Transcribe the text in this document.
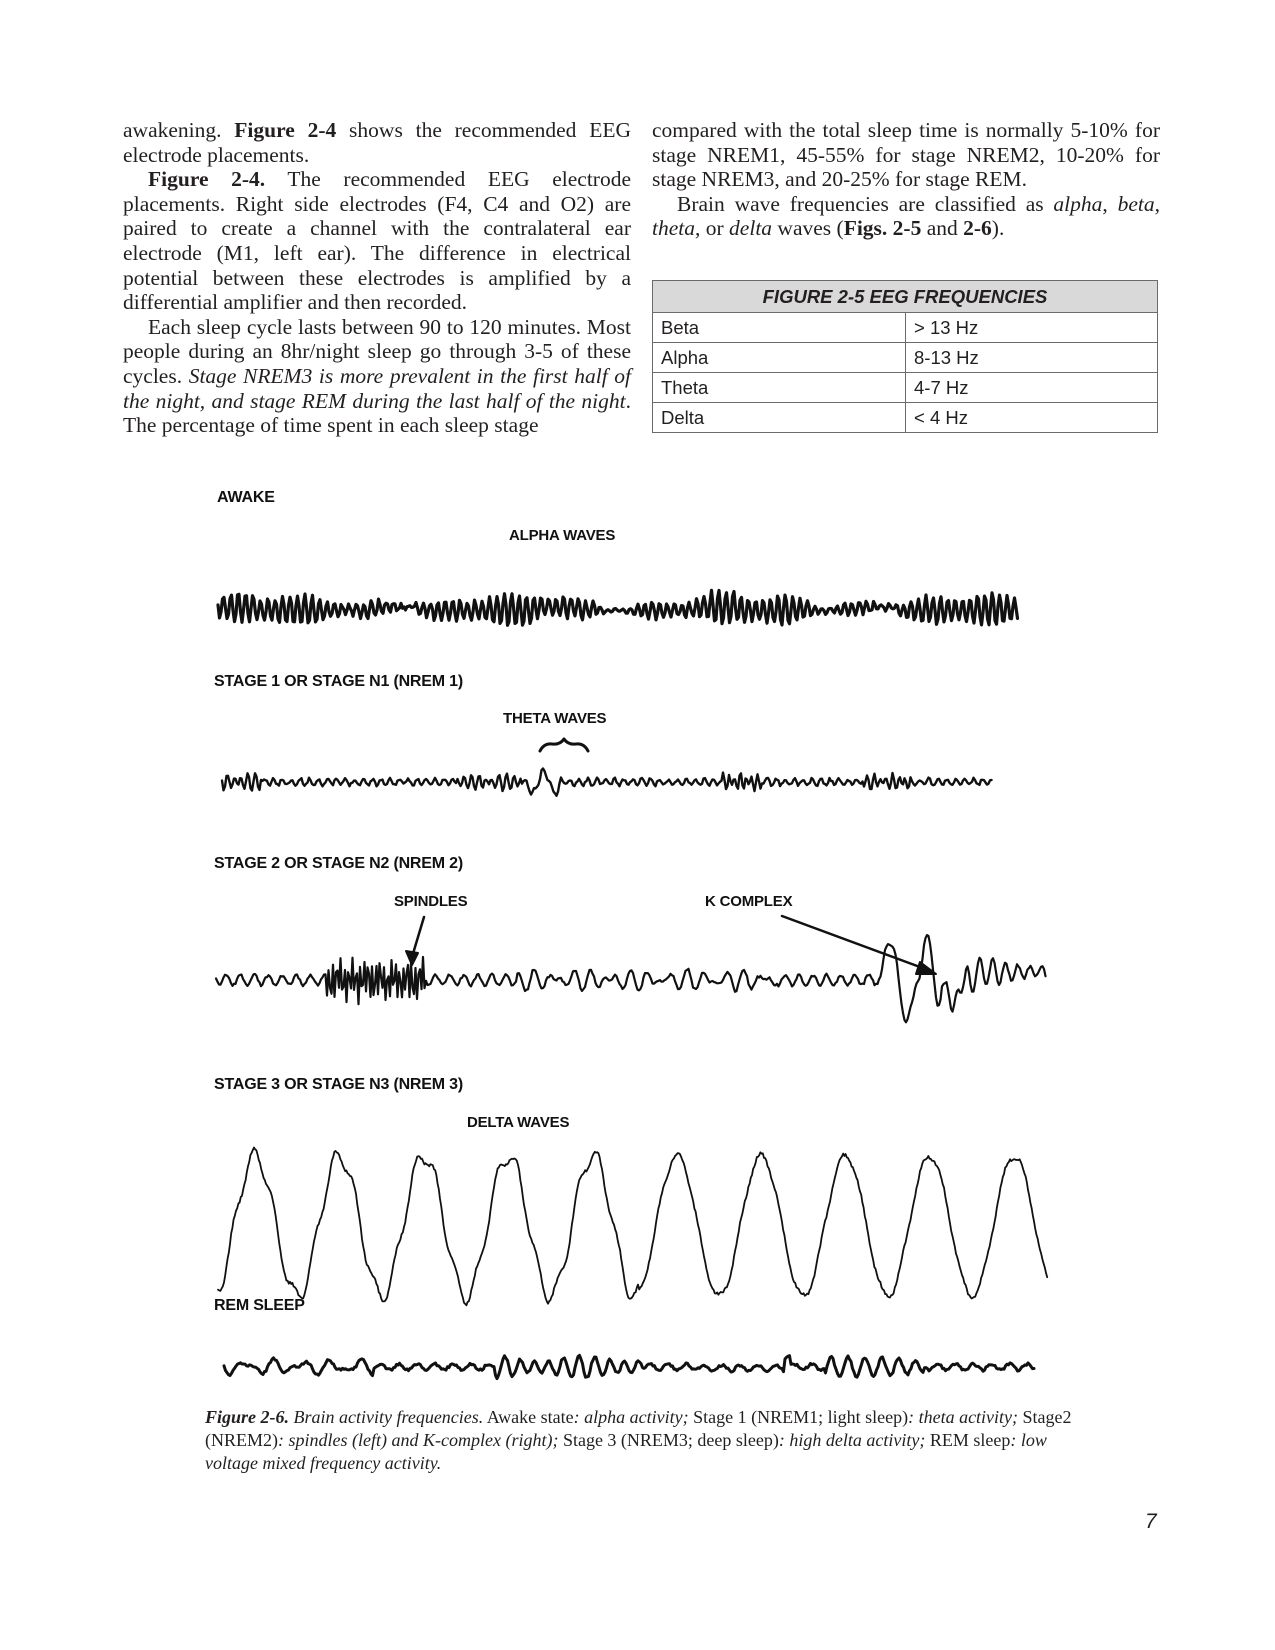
awakening. Figure 2-4 shows the recommended EEG electrode placements.

Figure 2-4. The recommended EEG electrode placements. Right side electrodes (F4, C4 and O2) are paired to create a channel with the contralateral ear electrode (M1, left ear). The difference in electrical potential between these electrodes is amplified by a differential amplifier and then recorded.

Each sleep cycle lasts between 90 to 120 minutes. Most people during an 8hr/night sleep go through 3-5 of these cycles. Stage NREM3 is more prevalent in the first half of the night, and stage REM during the last half of the night. The percentage of time spent in each sleep stage

compared with the total sleep time is normally 5-10% for stage NREM1, 45-55% for stage NREM2, 10-20% for stage NREM3, and 20-25% for stage REM.

Brain wave frequencies are classified as alpha, beta, theta, or delta waves (Figs. 2-5 and 2-6).

FIGURE 2-5 EEG FREQUENCIES	
Beta	> 13 Hz
Alpha	8-13 Hz
Theta	4-7 Hz
Delta	< 4 Hz
AWAKE
ALPHA WAVES
STAGE 1 OR STAGE N1 (NREM 1)
THETA WAVES
STAGE 2 OR STAGE N2 (NREM 2)
SPINDLES	K COMPLEX
STAGE 3 OR STAGE N3 (NREM 3)
DELTA WAVES
REM SLEEP
Figure 2-6. Brain activity frequencies. Awake state: alpha activity; Stage 1 (NREM1; light sleep): theta activity; Stage2 (NREM2): spindles (left) and K-complex (right); Stage 3 (NREM3; deep sleep): high delta activity; REM sleep: low voltage mixed frequency activity.
7
